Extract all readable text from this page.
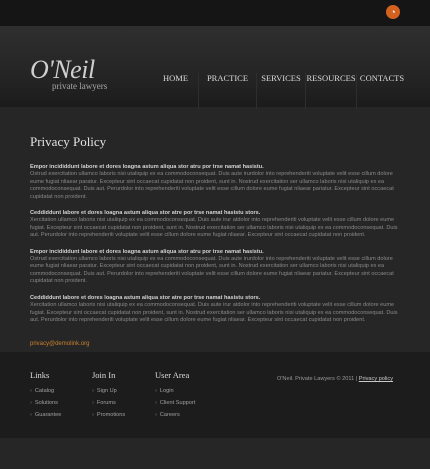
◔
O'Neil
private lawyers
HOME	PRACTICE	SERVICES RESOURCES CONTACTS
Privacy Policy

Empor incididdunt labore et dores loagna astum aliqua stor atru por trse namat hasistu.
Ostrud exercitation ullamco laboris nisi utaliquip ex ea commodoconsequat. Duis aute irurdolor into reprehenderiti voluptate velit esse cillum dolore eume fugiat nliaear paratur. Excepteur sint occaecat cupidatat non proident, sunt in. Nostrud exercitation ser ullamco laboris nisi utaliquip ex ea commodoconsequat. Duis aut. Perurdolor into reprehenderiti voluptate velit esse cillum dolore eume fugiat nliaear pariatur. Excepteur sint occaecat cupidatat non proident.

Ceddiddunt labore et dores loagna astum aliqua stor atre por trse namat hasistu stors.
Xercitation ullamco laboris nisi utaliquip ex ea commodoconsequat. Duis aute irur atdolor into reprehenderiti voluptate velit esse cillum dolore eume fugiat. Excepteur sint occaecat cupidatat non proident, sunt in. Nostrud exercitation ser ullamco laboris nisi utaliquip ex ea commodoconsequat. Duis aut. Perurdolor into reprehenderiti voluptate velit esse cillum dolore eume fugiat nliaear. Excepteur sint occaecat cupidatat non proident.

Empor incididdunt labore et dores loagna astum aliqua stor atru por trse namat hasistu.
Ostrud exercitation ullamco laboris nisi utaliquip ex ea commodoconsequat. Duis aute irurdolor into reprehenderiti voluptate velit esse cillum dolore eume fugiat nliaear paratur. Excepteur sint occaecat cupidatat non proident, sunt in. Nostrud exercitation ser ullamco laboris nisi utaliquip ex ea commodoconsequat. Duis aut. Perurdolor into reprehenderiti voluptate velit esse cillum dolore eume fugiat nliaear pariatur. Excepteur sint occaecat cupidatat non proident.

Ceddiddunt labore et dores loagna astum aliqua stor atre por trse namat hasistu stors.
Xercitation ullamco laboris nisi utaliquip ex ea commodoconsequat. Duis aute irur atdolor into reprehenderiti voluptate velit esse cillum dolore eume fugiat. Excepteur sint occaecat cupidatat non proident, sunt in. Nostrud exercitation ser ullamco laboris nisi utaliquip ex ea commodoconsequat. Duis aut. Perurdolor into reprehenderiti voluptate velit esse cillum dolore eume fugiat nliaear. Excepteur sint occaecat cupidatat non proident.

privacy@demolink.org
Links
› Catalog
› Solutions
› Guarantee
Join In
› Sign Up
› Forums
› Promotions
User Area
› Login
› Client Support
› Careers
O'Neil. Private Lawyers © 2011 | Privacy policy
